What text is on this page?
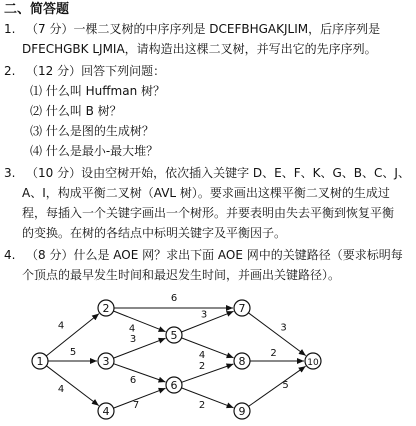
二、简答题
1. （7 分）一棵二叉树的中序序列是 DCEFBHGAKJLIM，后序序列是
DFECHGBK LJMIA，请构造出这棵二叉树，并写出它的先序序列。
2. （12 分）回答下列问题：
⑴ 什么叫 Huffman 树？
⑵ 什么叫 B 树？
⑶ 什么是图的生成树？
⑷ 什么是最小-最大堆？
3. （10 分）设由空树开始，依次插入关键字 D、E、F、K、G、B、C、J、
A、I，构成平衡二叉树（AVL 树）。要求画出这棵平衡二叉树的生成过
程，每插入一个关键字画出一个树形。并要表明由失去平衡到恢复平衡
的变换。在树的各结点中标明关键字及平衡因子。
4. （8 分）什么是 AOE 网？求出下面 AOE 网中的关键路径（要求标明每
个顶点的最早发生时间和最迟发生时间，并画出关键路径）。
4
5
4
6
4
3
6
7
3
4
2
2
3
2
5
1
2
3
4
5
6
7
8
9
10
